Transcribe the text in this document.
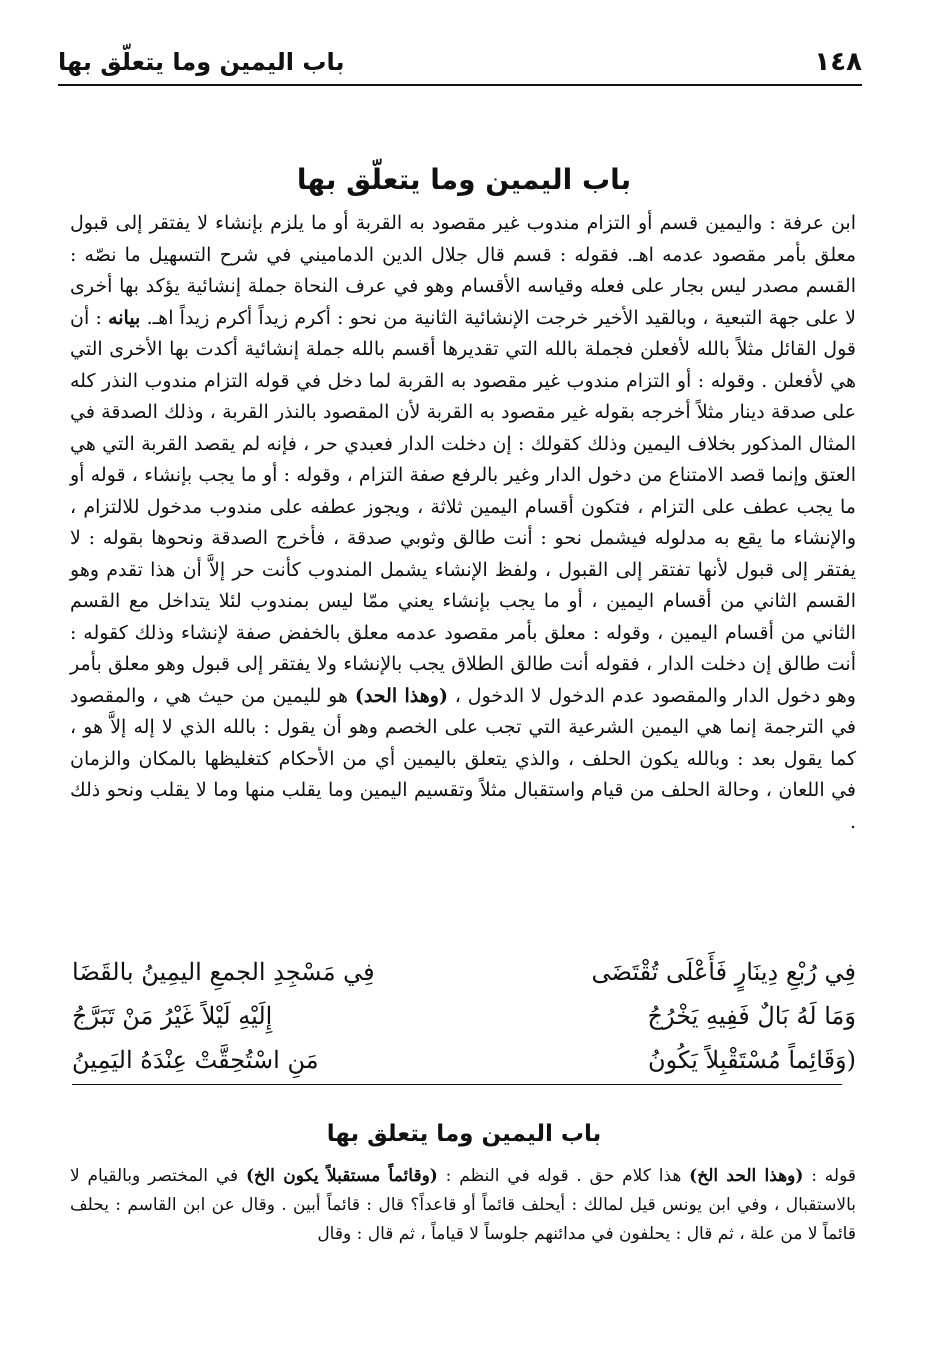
١٤٨
باب اليمين وما يتعلّق بها
باب اليمين وما يتعلّق بها

ابن عرفة : واليمين قسم أو التزام مندوب غير مقصود به القربة أو ما يلزم بإنشاء لا يفتقر إلى قبول معلق بأمر مقصود عدمه اهـ. فقوله : قسم قال جلال الدين الدماميني في شرح التسهيل ما نصّه : القسم مصدر ليس بجار على فعله وقياسه الأقسام وهو في عرف النحاة جملة إنشائية يؤكد بها أخرى لا على جهة التبعية ، وبالقيد الأخير خرجت الإنشائية الثانية من نحو : أكرم زيداً أكرم زيداً اهـ. بيانه : أن قول القائل مثلاً بالله لأفعلن فجملة بالله التي تقديرها أقسم بالله جملة إنشائية أكدت بها الأخرى التي هي لأفعلن . وقوله : أو التزام مندوب غير مقصود به القربة لما دخل في قوله التزام مندوب النذر كله على صدقة دينار مثلاً أخرجه بقوله غير مقصود به القربة لأن المقصود بالنذر القربة ، وذلك الصدقة في المثال المذكور بخلاف اليمين وذلك كقولك : إن دخلت الدار فعبدي حر ، فإنه لم يقصد القربة التي هي العتق وإنما قصد الامتناع من دخول الدار وغير بالرفع صفة التزام ، وقوله : أو ما يجب بإنشاء ، قوله أو ما يجب عطف على التزام ، فتكون أقسام اليمين ثلاثة ، ويجوز عطفه على مندوب مدخول للالتزام ، والإنشاء ما يقع به مدلوله فيشمل نحو : أنت طالق وثوبي صدقة ، فأخرج الصدقة ونحوها بقوله : لا يفتقر إلى قبول لأنها تفتقر إلى القبول ، ولفظ الإنشاء يشمل المندوب كأنت حر إلاَّ أن هذا تقدم وهو القسم الثاني من أقسام اليمين ، أو ما يجب بإنشاء يعني ممّا ليس بمندوب لئلا يتداخل مع القسم الثاني من أقسام اليمين ، وقوله : معلق بأمر مقصود عدمه معلق بالخفض صفة لإنشاء وذلك كقوله : أنت طالق إن دخلت الدار ، فقوله أنت طالق الطلاق يجب بالإنشاء ولا يفتقر إلى قبول وهو معلق بأمر وهو دخول الدار والمقصود عدم الدخول لا الدخول ، (وهذا الحد) هو لليمين من حيث هي ، والمقصود في الترجمة إنما هي اليمين الشرعية التي تجب على الخصم وهو أن يقول : بالله الذي لا إله إلاَّ هو ، كما يقول بعد : وبالله يكون الحلف ، والذي يتعلق باليمين أي من الأحكام كتغليظها بالمكان والزمان في اللعان ، وحالة الحلف من قيام واستقبال مثلاً وتقسيم اليمين وما يقلب منها وما لا يقلب ونحو ذلك .

فِي رُبْعِ دِينَارٍ فَأَعْلَى تُقْتَضَى
فِي مَسْجِدِ الجمعِ اليمِينُ بالقَضَا
وَمَا لَهُ بَالٌ فَفِيهِ يَخْرُجُ
إِلَيْهِ لَيْلاً غَيْرُ مَنْ تَبَرَّجُ
(وَقَائِماً مُسْتَقْبِلاً يَكُونُ
مَنِ اسْتُحِقَّتْ عِنْدَهُ اليَمِينُ
باب اليمين وما يتعلق بها

قوله : (وهذا الحد الخ) هذا كلام حق . قوله في النظم : (وقائماً مستقبلاً يكون الخ) في المختصر وبالقيام لا بالاستقبال ، وفي ابن يونس قيل لمالك : أيحلف قائماً أو قاعداً؟ قال : قائماً أبين . وقال عن ابن القاسم : يحلف قائماً لا من علة ، ثم قال : يحلفون في مدائنهم جلوساً لا قياماً ، ثم قال : وقال
